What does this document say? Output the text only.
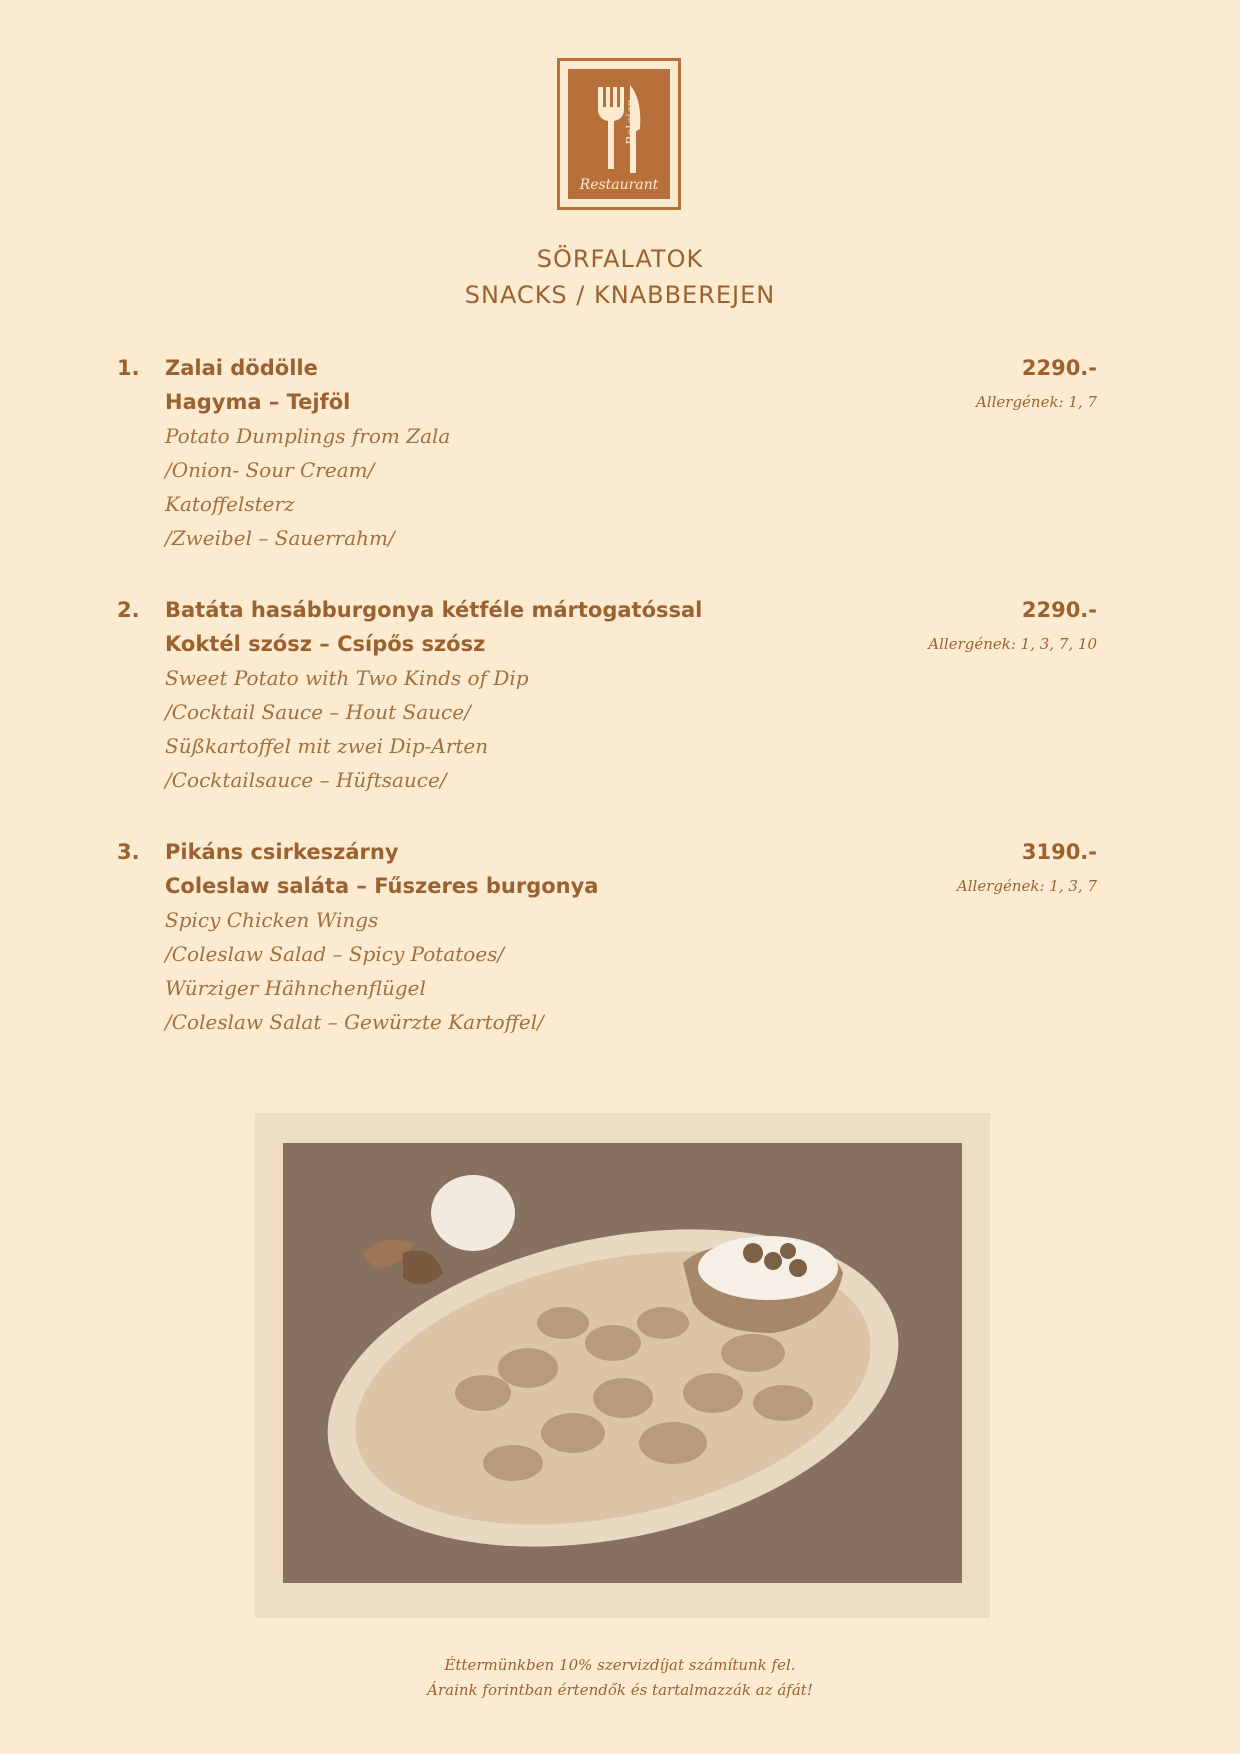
Belgian
Restaurant
SÖRFALATOK
SNACKS / KNABBEREJEN
1. Zalai dödölle
Hagyma – Tejföl
Potato Dumplings from Zala
/Onion- Sour Cream/
Katoffelsterz
/Zweibel – Sauerrahm/
2290.-
Allergének: 1, 7
2. Batáta hasábburgonya kétféle mártogatóssal
Koktél szósz – Csípős szósz
Sweet Potato with Two Kinds of Dip
/Cocktail Sauce – Hout Sauce/
Süßkartoffel mit zwei Dip-Arten
/Cocktailsauce – Hüftsauce/
2290.-
Allergének: 1, 3, 7, 10
3. Pikáns csirkeszárny
Coleslaw saláta – Fűszeres burgonya
Spicy Chicken Wings
/Coleslaw Salad – Spicy Potatoes/
Würziger Hähnchenflügel
/Coleslaw Salat – Gewürzte Kartoffel/
3190.-
Allergének: 1, 3, 7
Éttermünkben 10% szervizdíjat számítunk fel.
Áraink forintban értendők és tartalmazzák az áfát!
